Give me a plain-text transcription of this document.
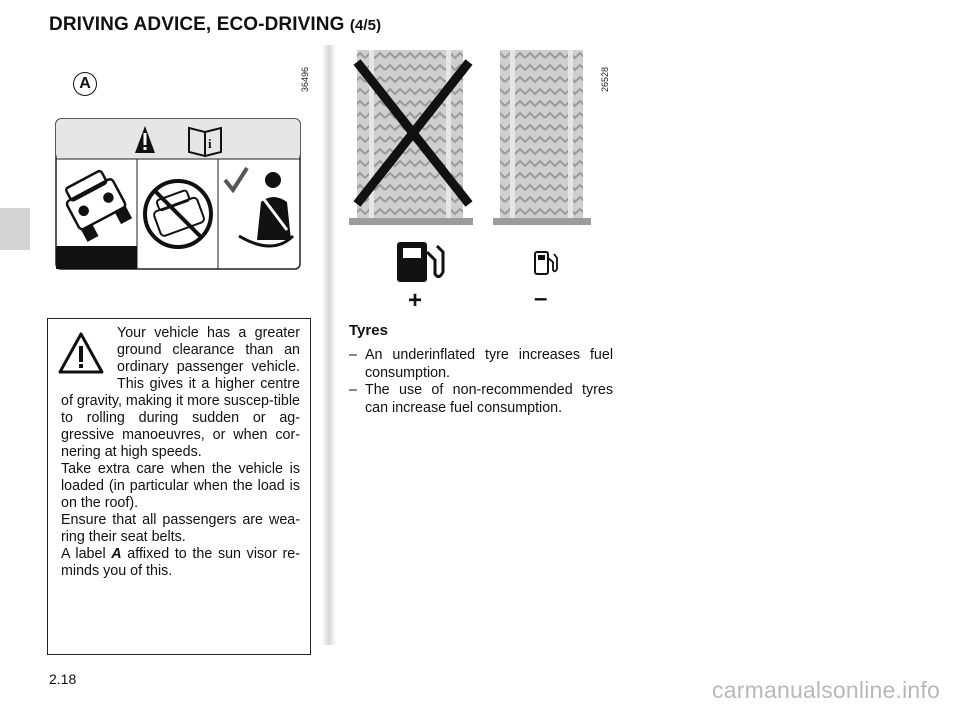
DRIVING ADVICE, ECO-DRIVING (4/5)
A	36496
i
26528
+	–

Your vehicle has a greater ground clearance than an ordinary passenger vehicle. This gives it a higher centre of gravity, making it more suscep-tible to rolling during sudden or ag-gressive manoeuvres, or when cor-nering at high speeds.

Take extra care when the vehicle is loaded (in particular when the load is on the roof).

Ensure that all passengers are wea-ring their seat belts.

A label A affixed to the sun visor re-minds you of this.

Tyres
– An underinflated tyre increases fuel consumption.
– The use of non-recommended tyres can increase fuel consumption.
2.18	carmanualsonline.info
